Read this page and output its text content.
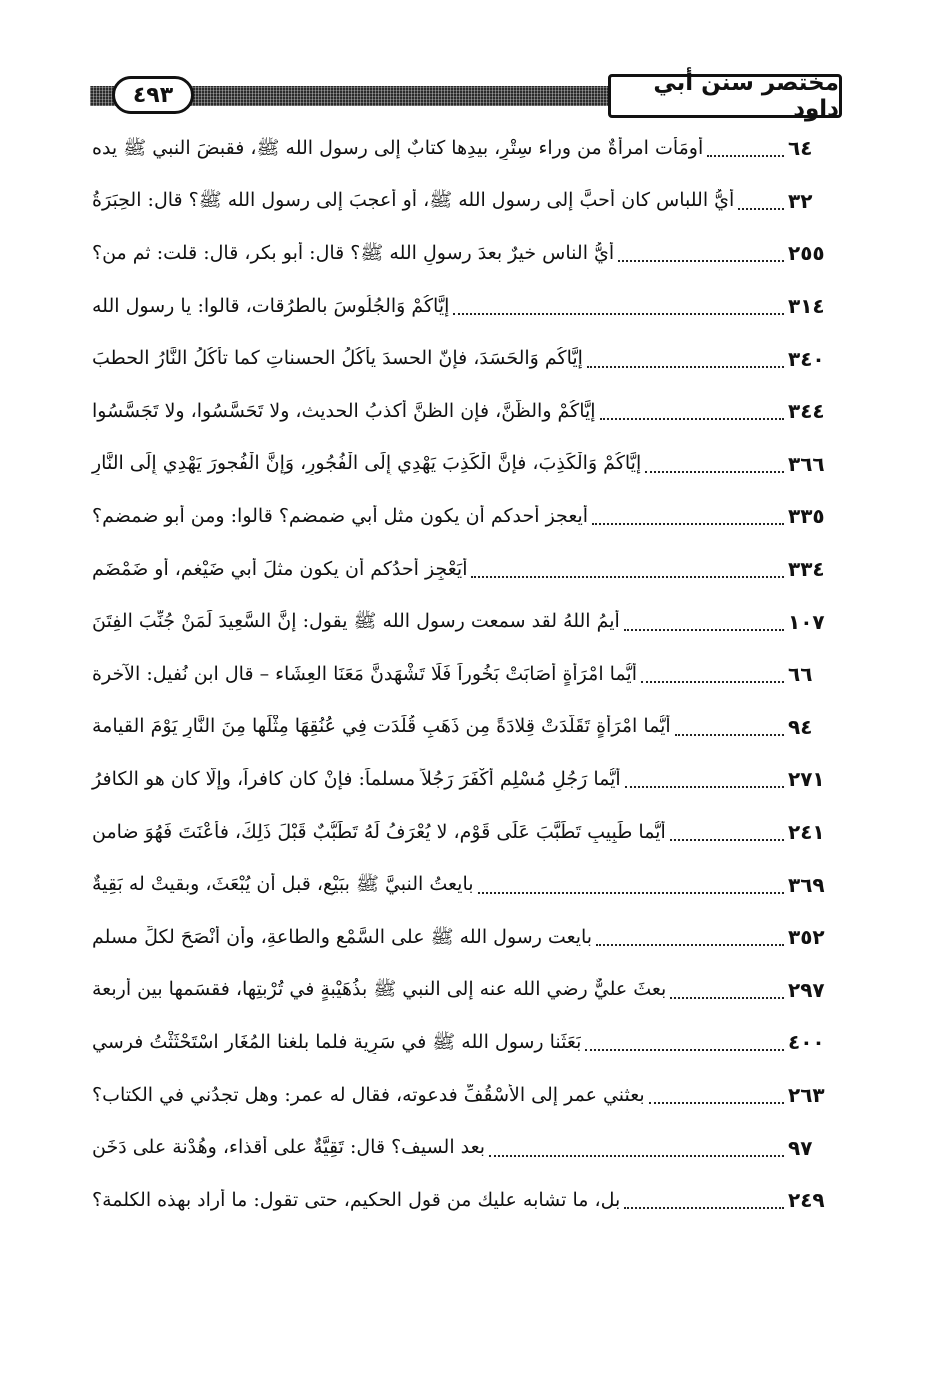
٤٩٣	مختصر سنن أبي داود
أومَأت امرأةٌ من وراء سِتْرٍ، بيدِها كتابٌ إلى رسول الله ﷺ، فقبضَ النبي ﷺ يده	٦٤
أيُّ اللباسِ كان أحبَّ إلى رسول الله ﷺ، أو أعجبَ إلى رسول الله ﷺ؟ قال: الحِبَرَةُ	٣٢
أيُّ الناس خيرٌ بعدَ رسولِ الله ﷺ؟ قال: أبو بكر، قال: قلت: ثم من؟	٢٥٥
إيَّاكُمْ وَالجُلُوسَ بالطرُقات، قالوا: يا رسول الله	٣١٤
إيَّاكُم وَالحَسَدَ، فإنّ الحسدَ يأكُلُ الحسناتِ كما تأكُلُ النَّارُ الحطبَ	٣٤٠
إيَّاكُمْ والظَّنَّ، فإن الظنَّ أكذبُ الحديث، ولا تَحَسَّسُوا، ولا تَجَسَّسُوا	٣٤٤
إيَّاكُمْ وَالْكَذِبَ، فإنَّ الْكَذِبَ يَهْدِي إِلَى الْفُجُورِ، وَإِنَّ الْفُجورَ يَهْدِي إِلَى النَّارِ	٣٦٦
أيعجز أحدكم أن يكون مثل أبي ضمضم؟ قالوا: ومن أبو ضمضم؟	٣٣٥
أيَعْجِز أحدُكم أن يكون مثلَ أبي ضَيْغم، أو ضَمْضَم	٣٣٤
أيمُ اللهُ لقد سمعت رسول الله ﷺ يقول: إنَّ السَّعِيدَ لَمَنْ جُنِّبَ الفِتَنَ	١٠٧
أيُّما امْرَأةٍ أَصَابَتْ بَخُوراً فَلَا تَشْهَدنَّ مَعَنَا العِشَاء – قال ابن نُفيل: الآخرة	٦٦
أيُّما امْرَأةٍ تَقَلَّدَتْ قِلادَةً مِن ذَهَبٍ قُلِّدَت فِي عُنُقِهَا مِثْلَها مِنَ النَّارِ يَوْمَ القيامة	٩٤
أيُّما رَجُلٍ مُسْلِمٍ أكْفَرَ رَجُلاً مسلماً: فإنْ كان كافراً، وإلَّا كان هو الكافرُ	٢٧١
أيُّما طَبِيبٍ تَطَبَّبَ عَلَى قَوْمٍ، لا يُعْرَفُ لَهُ تَطَبُّبٌ قَبْلَ ذَلِكَ، فأعْنَتَ فَهُوَ ضامن	٢٤١
بايعتُ النبيَّ ﷺ ببَيْعٍ، قبل أن يُبْعَثَ، وبقيتْ له بَقِيةٌ	٣٦٩
بايعت رسول الله ﷺ على السَّمْعِ والطاعةِ، وأن أنْصَحَ لكلِّ مسلم	٣٥٢
بعثَ عليٌّ رضي الله عنه إلى النبي ﷺ بذُهَيْبةٍ في تُرْبتِها، فقسَمها بين أربعة	٢٩٧
بَعَثَنا رسول الله ﷺ في سَرِية فلما بلغنا المُغَار اسْتَحْثَثْتُ فرسي	٤٠٠
بعثني عمر إلى الأسْقُفِّ فدعوته، فقال له عمر: وهل تجدُني في الكتاب؟	٢٦٣
بعد السيف؟ قال: تَقِيَّةٌ على أقذاء، وهُدْنة على دَخَن	٩٧
بل، ما تشابه عليك من قول الحكيم، حتى تقول: ما أراد بهذه الكلمة؟	٢٤٩
